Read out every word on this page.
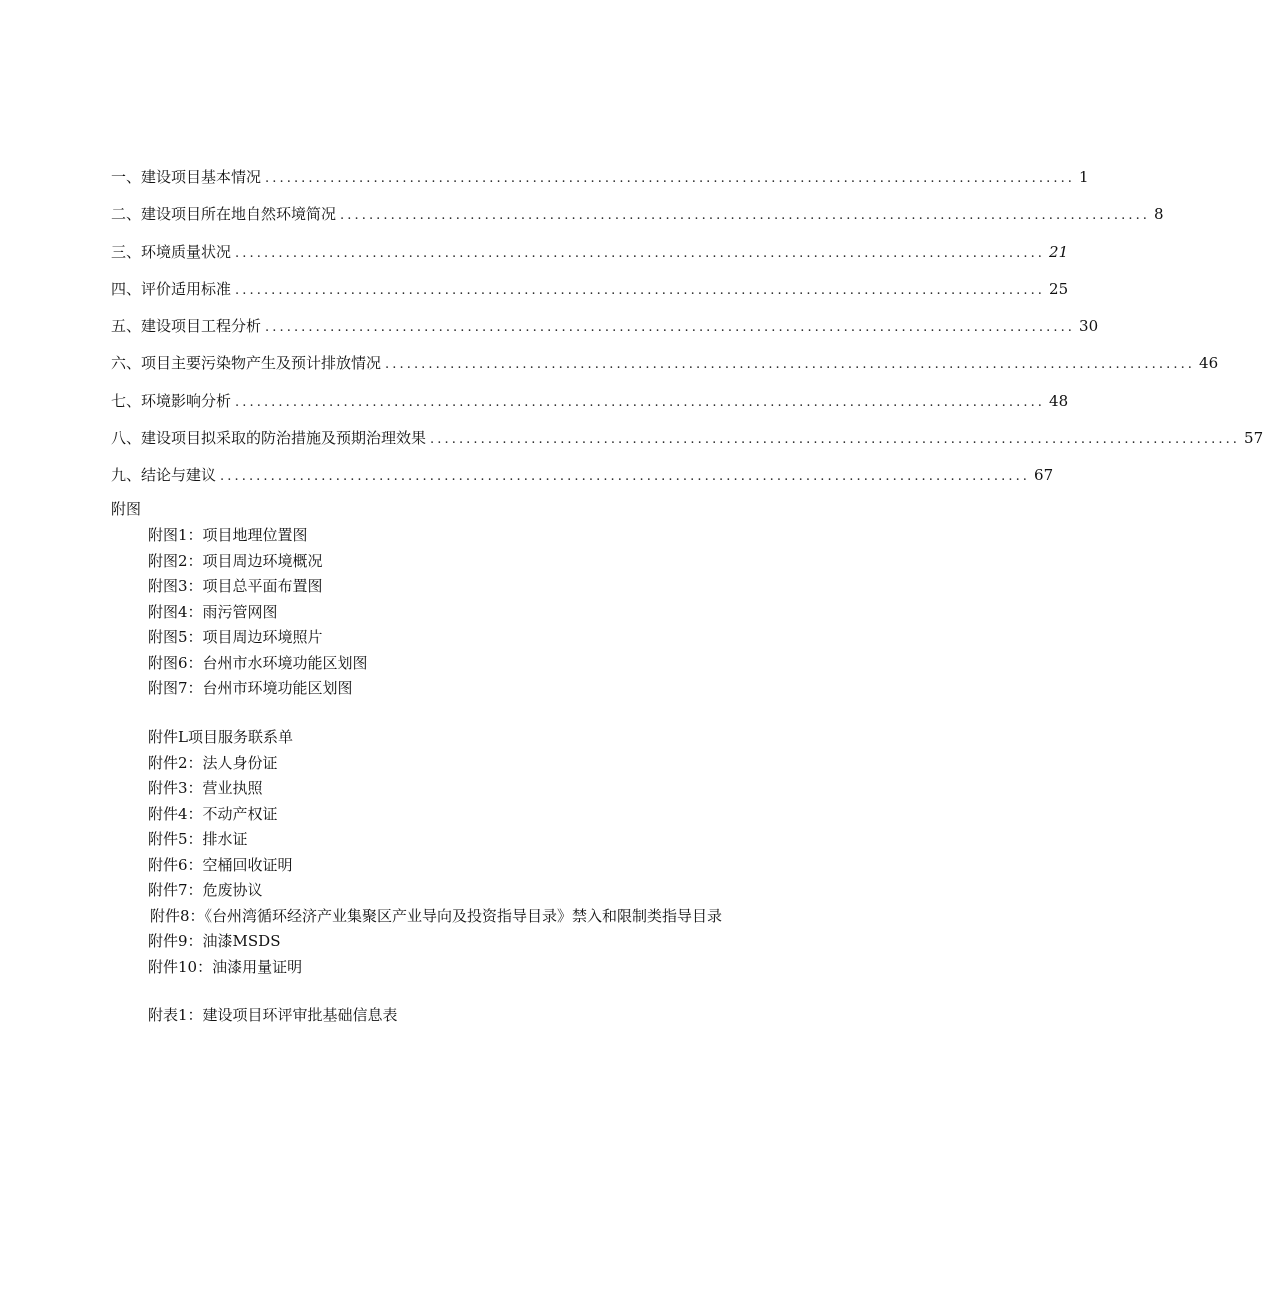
一、建设项目基本情况 ................................................................................................................ 1
二、建设项目所在地自然环境简况 ................................................................................................................ 8
三、环境质量状况 ................................................................................................................ 21
四、评价适用标准 ................................................................................................................ 25
五、建设项目工程分析 ................................................................................................................ 30
六、项目主要污染物产生及预计排放情况 ................................................................................................................ 46
七、环境影响分析 ................................................................................................................ 48
八、建设项目拟采取的防治措施及预期治理效果 ................................................................................................................ 57
九、结论与建议 ................................................................................................................ 67
附图
附图1：项目地理位置图
附图2：项目周边环境概况
附图3：项目总平面布置图
附图4：雨污管网图
附图5：项目周边环境照片
附图6：台州市水环境功能区划图
附图7：台州市环境功能区划图
附件L项目服务联系单
附件2：法人身份证
附件3：营业执照
附件4：不动产权证
附件5：排水证
附件6：空桶回收证明
附件7：危废协议
附件8：《台州湾循环经济产业集聚区产业导向及投资指导目录》禁入和限制类指导目录
附件9：油漆MSDS
附件10：油漆用量证明
附表1：建设项目环评审批基础信息表
